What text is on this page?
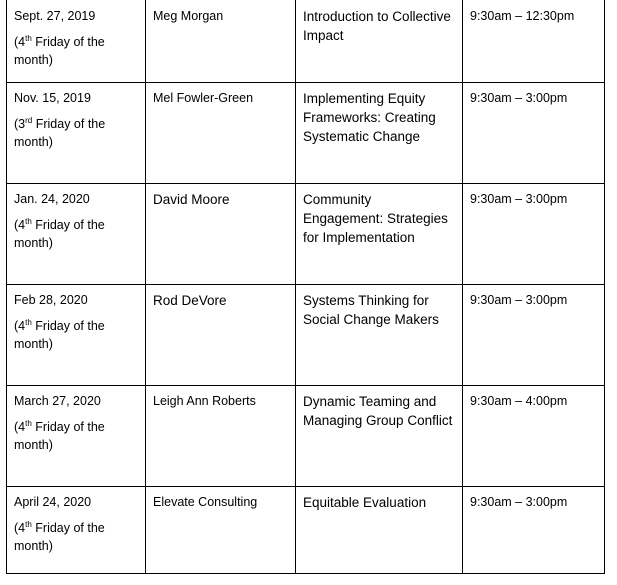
Sept. 27, 2019
(4th Friday of the month)	Meg Morgan	Introduction to Collective Impact	9:30am – 12:30pm

Nov. 15, 2019
(3rd Friday of the month)	Mel Fowler-Green	Implementing Equity Frameworks: Creating Systematic Change	9:30am – 3:00pm

Jan. 24, 2020
(4th Friday of the month)	David Moore	Community Engagement: Strategies for Implementation	9:30am – 3:00pm

Feb 28, 2020
(4th Friday of the month)	Rod DeVore	Systems Thinking for Social Change Makers	9:30am – 3:00pm

March 27, 2020
(4th Friday of the month)	Leigh Ann Roberts	Dynamic Teaming and Managing Group Conflict	9:30am – 4:00pm

April 24, 2020
(4th Friday of the month)	Elevate Consulting	Equitable Evaluation	9:30am – 3:00pm
